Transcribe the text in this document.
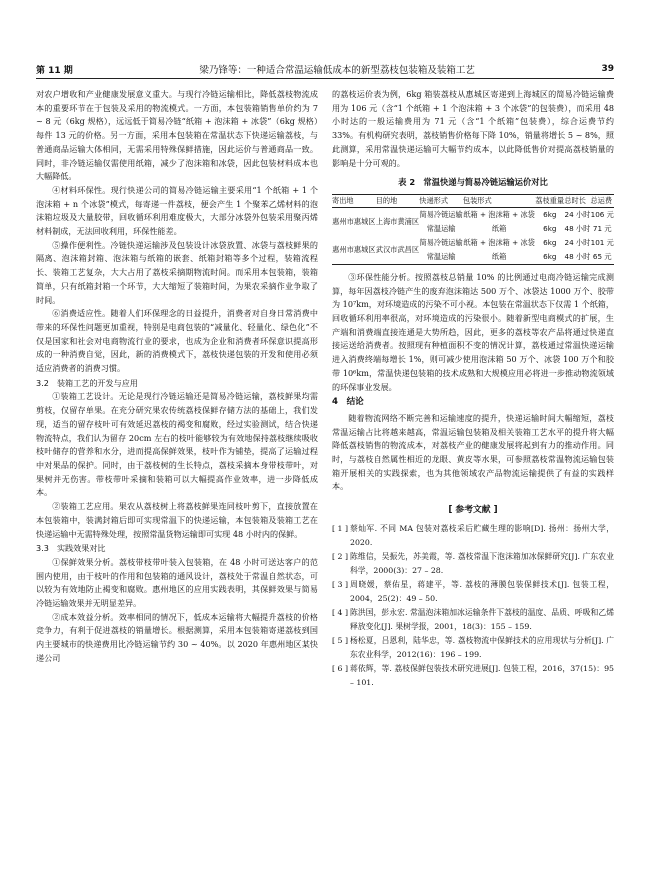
第 11 期	梁乃锋等：一种适合常温运输低成本的新型荔枝包装箱及装箱工艺	39

对农户增收和产业健康发展意义重大。与现行冷链运输相比，降低荔枝物流成本的重要环节在于包装及采用的物流模式。一方面，本包装箱销售单价约为 7 ~ 8 元（6kg 规格），远远低于简易冷链“纸箱 + 泡沫箱 + 冰袋”（6kg 规格）每件 13 元的价格。另一方面，采用本包装箱在常温状态下快递运输荔枝，与普通商品运输大体相同，无需采用特殊保鲜措施，因此运价与普通商品一致。同时，非冷链运输仅需使用纸箱，减少了泡沫箱和冰袋，因此包装材料成本也大幅降低。

④材料环保性。现行快递公司的简易冷链运输主要采用“1 个纸箱 + 1 个泡沫箱 + n 个冰袋”模式，每寄递一件荔枝，便会产生 1 个聚苯乙烯材料的泡沫箱垃圾及大量胶带，回收循环利用难度极大，大部分冰袋外包装采用聚丙烯材料制成，无法回收利用，环保性能差。

⑤操作便利性。冷链快递运输涉及包装设计冰袋放置、冰袋与荔枝鲜果的隔离、泡沫箱封箱、泡沫箱与纸箱的嵌套、纸箱封箱等多个过程，装箱流程长、装箱工艺复杂，大大占用了荔枝采摘期物流时间。而采用本包装箱，装箱简单，只有纸箱封箱一个环节，大大缩短了装箱时间，为果农采摘作业争取了时间。

⑥消费适应性。随着人们环保理念的日益提升，消费者对自身日常消费中带来的环保性问题更加重视，特别是电商包装的“减量化、轻量化、绿色化”不仅是国家和社会对电商物流行业的要求，也成为企业和消费者环保意识提高形成的一种消费自觉，因此，新的消费模式下，荔枝快递包装的开发和使用必须适应消费者的消费习惯。

3.2　装箱工艺的开发与应用

①装箱工艺设计。无论是现行冷链运输还是简易冷链运输，荔枝鲜果均需剪枝，仅留存单果。在充分研究果农传统荔枝保鲜存储方法的基础上，我们发现，适当的留存枝叶可有效延迟荔枝的褐变和腐败，经过实验测试，结合快递物流特点，我们认为留存 20cm 左右的枝叶能够较为有效地保持荔枝继续吸收枝叶储存的营养和水分，进而提高保鲜效果，枝叶作为铺垫，提高了运输过程中对果品的保护。同时，由于荔枝树的生长特点，荔枝采摘本身带枝带叶，对果树并无伤害。带枝带叶采摘和装箱可以大幅提高作业效率，进一步降低成本。

②装箱工艺应用。果农从荔枝树上将荔枝鲜果连同枝叶剪下，直接放置在本包装箱中，装满封箱后即可实现常温下的快递运输，本包装箱及装箱工艺在快递运输中无需特殊处理，按照常温货物运输即可实现 48 小时内的保鲜。

3.3　实践效果对比

①保鲜效果分析。荔枝带枝带叶装入包装箱，在 48 小时可送达客户的范围内使用，由于枝叶的作用和包装箱的通风设计，荔枝处于常温自然状态，可以较为有效地防止褐变和腐败。惠州地区的应用实践表明，其保鲜效果与简易冷链运输效果并无明显差异。

②成本效益分析。效率相同的情况下，低成本运输将大幅提升荔枝的价格竞争力，有利于促进荔枝的销量增长。根据测算，采用本包装箱寄递荔枝到国内主要城市的快递费用比冷链运输节约 30 ~ 40%。以 2020 年惠州地区某快递公司

的荔枝运价表为例，6kg 箱装荔枝从惠城区寄递到上海城区的简易冷链运输费用为 106 元（含“1 个纸箱 + 1 个泡沫箱 + 3 个冰袋”的包装费），而采用 48 小时达的一般运输费用为 71 元（含“1 个纸箱”包装费），综合运费节约 33%。有机构研究表明，荔枝销售价格每下降 10%，销量将增长 5 ~ 8%，照此测算，采用常温快递运输可大幅节约成本，以此降低售价对提高荔枝销量的影响是十分可观的。

表 2　常温快递与简易冷链运输运价对比
寄出地	目的地	快递形式	包装形式	荔枝重量	总时长	总运费
惠州市惠城区	上海市黄浦区	简易冷链运输	纸箱 + 泡沫箱 + 冰袋	6kg	24 小时	106 元
		常温运输	纸箱	6kg	48 小时	71 元
惠州市惠城区	武汉市武昌区	简易冷链运输	纸箱 + 泡沫箱 + 冰袋	6kg	24 小时	101 元
		常温运输	纸箱	6kg	48 小时	65 元

③环保性能分析。按照荔枝总销量 10% 的比例通过电商冷链运输完成测算，每年因荔枝冷链产生的废弃泡沫箱达 500 万个、冰袋达 1000 万个、胶带为 10⁷km，对环境造成的污染不可小视。本包装在常温状态下仅需 1 个纸箱，回收循环利用率很高，对环境造成的污染很小。随着新型电商模式的扩展，生产端和消费端直接连通是大势所趋，因此，更多的荔枝等农产品将通过快递直接运送给消费者。按照现有种植面积不变的情况计算，荔枝通过常温快递运输进入消费终端每增长 1%，则可减少使用泡沫箱 50 万个、冰袋 100 万个和胶带 10⁶km，常温快递包装箱的技术成熟和大规模应用必将进一步推动物流领域的环保事业发展。

4　结论

随着物流网络不断完善和运输速度的提升，快递运输时间大幅缩短，荔枝常温运输占比将越来越高，常温运输包装箱及相关装箱工艺水平的提升将大幅降低荔枝销售的物流成本，对荔枝产业的健康发展将起到有力的推动作用。同时，与荔枝自然属性相近的龙眼、黄皮等水果，可参照荔枝常温物流运输包装箱开展相关的实践探索，也为其他领域农产品物流运输提供了有益的实践样本。

[ 参考文献 ]
[ 1 ] 蔡灿军. 不同 MA 包装对荔枝采后贮藏生理的影响[D]. 扬州：扬州大学，2020.
[ 2 ] 陈维信，吴振先，苏美霞，等. 荔枝常温下泡沫箱加冰保鲜研究[J]. 广东农业科学，2000(3)：27 – 28.
[ 3 ] 周晓媛，蔡佑星，蒋建平，等. 荔枝的薄膜包装保鲜技术[J]. 包装工程，2004，25(2)：49 – 50.
[ 4 ] 陈洪国，彭永宏. 常温泡沫箱加冰运输条件下荔枝的温度、品质、呼吸和乙烯释放变化[J]. 果树学报，2001，18(3)：155 – 159.
[ 5 ] 杨松夏，吕恩利，陆华忠，等. 荔枝物流中保鲜技术的应用现状与分析[J]. 广东农业科学，2012(16)：196 – 199.
[ 6 ] 蒋依辉，等. 荔枝保鲜包装技术研究进展[J]. 包装工程，2016，37(15)：95 – 101.
